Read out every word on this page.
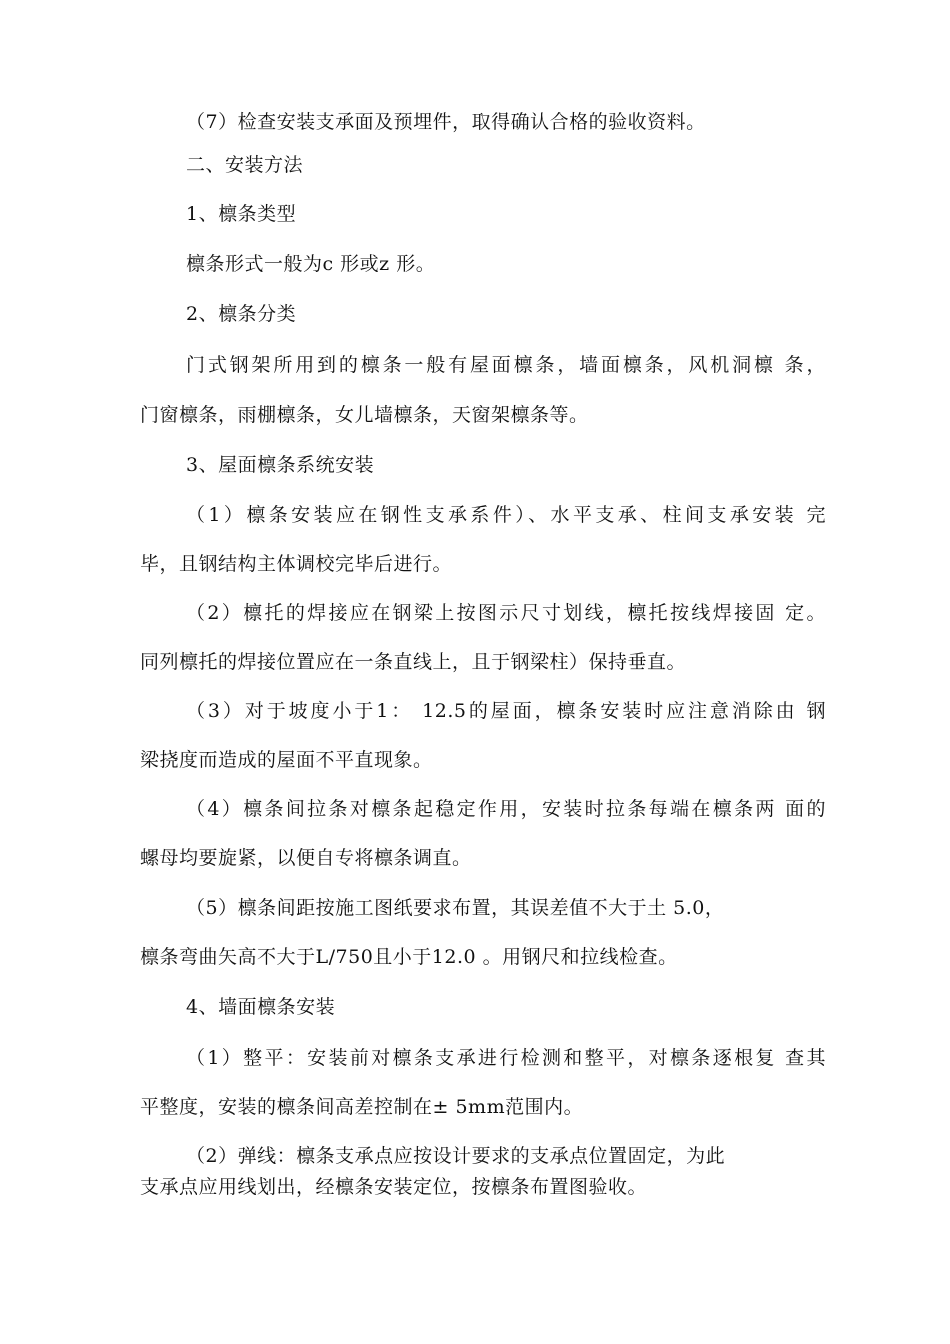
（7）检查安装支承面及预埋件，取得确认合格的验收资料。
二、安装方法
1、檩条类型
檩条形式一般为c 形或z 形。
2、檩条分类
门式钢架所用到的檩条一般有屋面檩条，墙面檩条，风机洞檩 条，
门窗檩条，雨棚檩条，女儿墙檩条，天窗架檩条等。
3、屋面檩条系统安装
（1）檩条安装应在钢性支承系件）、水平支承、柱间支承安装 完
毕，且钢结构主体调校完毕后进行。
（2）檩托的焊接应在钢梁上按图示尺寸划线，檩托按线焊接固 定。
同列檩托的焊接位置应在一条直线上，且于钢梁柱）保持垂直。
（3）对于坡度小于1： 12.5的屋面，檩条安装时应注意消除由 钢
梁挠度而造成的屋面不平直现象。
（4）檩条间拉条对檩条起稳定作用，安装时拉条每端在檩条两 面的
螺母均要旋紧，以便自专将檩条调直。
（5）檩条间距按施工图纸要求布置，其误差值不大于土 5.0，
檩条弯曲矢高不大于L/750且小于12.0 。用钢尺和拉线检查。
4、墙面檩条安装
（1）整平：安装前对檩条支承进行检测和整平，对檩条逐根复 查其
平整度，安装的檩条间高差控制在± 5mm范围内。
（2）弹线：檩条支承点应按设计要求的支承点位置固定，为此
支承点应用线划出，经檩条安装定位，按檩条布置图验收。
